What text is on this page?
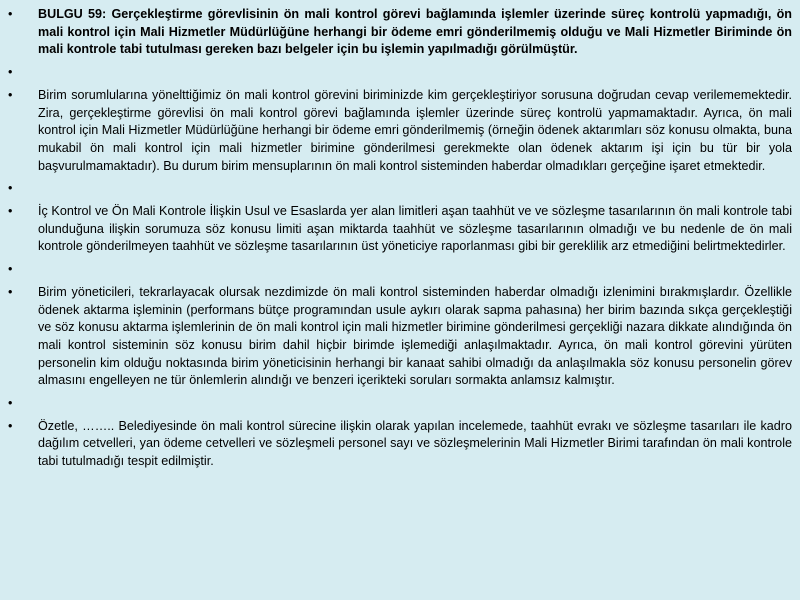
•	BULGU 59: Gerçekleştirme görevlisinin ön mali kontrol görevi bağlamında işlemler üzerinde süreç kontrolü yapmadığı, ön mali kontrol için Mali Hizmetler Müdürlüğüne herhangi bir ödeme emri gönderilmemiş olduğu ve Mali Hizmetler Biriminde ön mali kontrole tabi tutulması gereken bazı belgeler için bu işlemin yapılmadığı görülmüştür.
•
•	Birim sorumlularına yönelttiğimiz ön mali kontrol görevini biriminizde kim gerçekleştiriyor sorusuna doğrudan cevap verilememektedir. Zira, gerçekleştirme görevlisi ön mali kontrol görevi bağlamında işlemler üzerinde süreç kontrolü yapmamaktadır. Ayrıca, ön mali kontrol için Mali Hizmetler Müdürlüğüne herhangi bir ödeme emri gönderilmemiş (örneğin ödenek aktarımları söz konusu olmakta, buna mukabil ön mali kontrol için mali hizmetler birimine gönderilmesi gerekmekte olan ödenek aktarım işi için bu tür bir yola başvurulmamaktadır). Bu durum birim mensuplarının ön mali kontrol sisteminden haberdar olmadıkları gerçeğine işaret etmektedir.
•
•	İç Kontrol ve Ön Mali Kontrole İlişkin Usul ve Esaslarda yer alan limitleri aşan taahhüt ve ve sözleşme tasarılarının ön mali kontrole tabi olunduğuna ilişkin sorumuza söz konusu limiti aşan miktarda taahhüt ve sözleşme tasarılarının olmadığı ve bu nedenle de ön mali kontrole gönderilmeyen taahhüt ve sözleşme tasarılarının üst yöneticiye raporlanması gibi bir gereklilik arz etmediğini belirtmektedirler.
•
•	Birim yöneticileri, tekrarlayacak olursak nezdimizde ön mali kontrol sisteminden haberdar olmadığı izlenimini bırakmışlardır. Özellikle ödenek aktarma işleminin (performans bütçe programından usule aykırı olarak sapma pahasına) her birim bazında sıkça gerçekleştiği ve söz konusu aktarma işlemlerinin de ön mali kontrol için mali hizmetler birimine gönderilmesi gerçekliği nazara dikkate alındığında ön mali kontrol sisteminin söz konusu birim dahil hiçbir birimde işlemediği anlaşılmaktadır. Ayrıca, ön mali kontrol görevini yürüten personelin kim olduğu noktasında birim yöneticisinin herhangi bir kanaat sahibi olmadığı da anlaşılmakla söz konusu personelin görev almasını engelleyen ne tür önlemlerin alındığı ve benzeri içerikteki soruları sormakta anlamsız kalmıştır.
•
•	Özetle, …….. Belediyesinde ön mali kontrol sürecine ilişkin olarak yapılan incelemede, taahhüt evrakı ve sözleşme tasarıları ile kadro dağılım cetvelleri, yan ödeme cetvelleri ve sözleşmeli personel sayı ve sözleşmelerinin Mali Hizmetler Birimi tarafından ön mali kontrole tabi tutulmadığı tespit edilmiştir.
